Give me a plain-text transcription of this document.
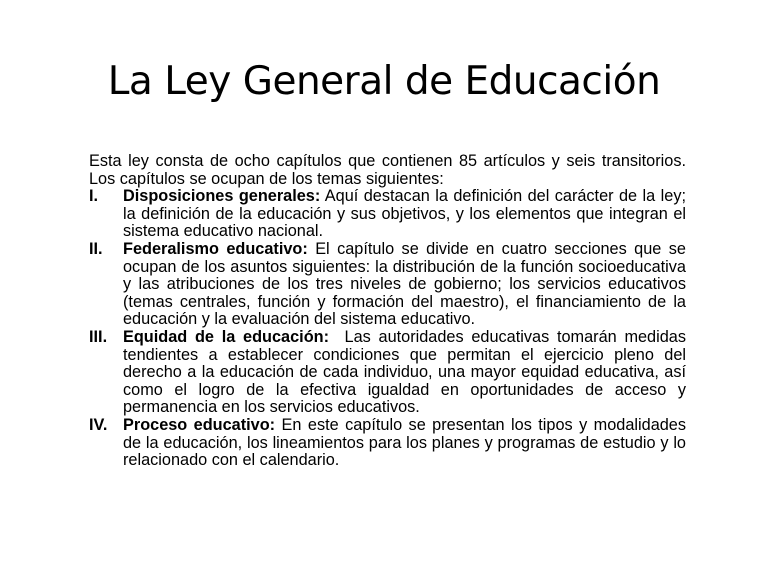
La Ley General de Educación

Esta ley consta de ocho capítulos que contienen 85 artículos y seis transitorios. Los capítulos se ocupan de los temas siguientes:

I.	Disposiciones generales: Aquí destacan la definición del carácter de la ley; la definición de la educación y sus objetivos, y los elementos que integran el sistema educativo nacional.
II.	Federalismo educativo: El capítulo se divide en cuatro secciones que se ocupan de los asuntos siguientes: la distribución de la función socioeducativa y las atribuciones de los tres niveles de gobierno; los servicios educativos (temas centrales, función y formación del maestro), el financiamiento de la educación y la evaluación del sistema educativo.
III. Equidad de la educación:  Las autoridades educativas tomarán medidas tendientes a establecer condiciones que permitan el ejercicio pleno del derecho a la educación de cada individuo, una mayor equidad educativa, así como el logro de la efectiva igualdad en oportunidades de acceso y permanencia en los servicios educativos.
IV. Proceso educativo: En este capítulo se presentan los tipos y modalidades de la educación, los lineamientos para los planes y programas de estudio y lo relacionado con el calendario.
